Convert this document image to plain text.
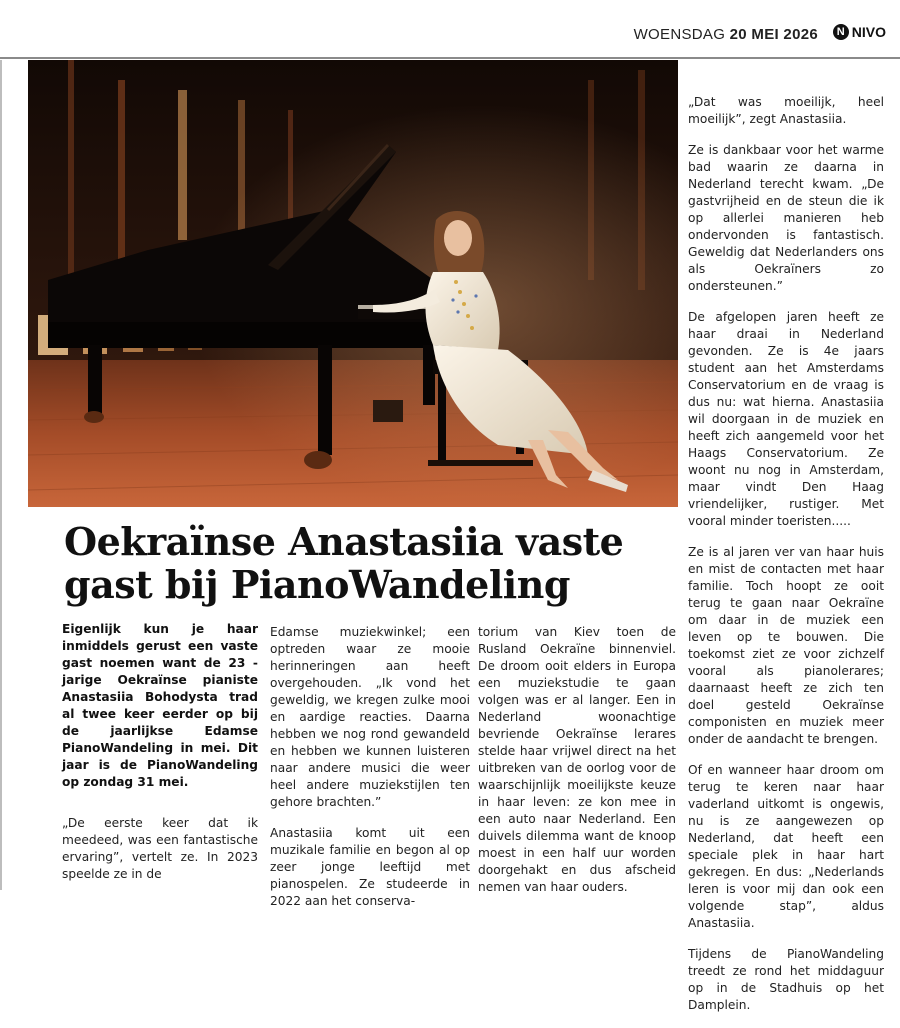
WOENSDAG 20 MEI 2026	N NIVO
Oekraïnse Anastasiia vaste gast bij PianoWandeling

Eigenlijk kun je haar inmiddels gerust een vaste gast noemen want de 23 -jarige Oekraïnse pianiste Anastasiia Bohodysta trad al twee keer eerder op bij de jaarlijkse Edamse PianoWandeling in mei. Dit jaar is de PianoWandeling op zondag 31 mei.

„De eerste keer dat ik meedeed, was een fantastische ervaring”, vertelt ze. In 2023 speelde ze in de

Edamse muziekwinkel; een optreden waar ze mooie herinneringen aan heeft overgehouden. „Ik vond het geweldig, we kregen zulke mooi en aardige reacties. Daarna hebben we nog rond gewandeld en hebben we kunnen luisteren naar andere musici die weer heel andere muziekstijlen ten gehore brachten.”

Anastasiia komt uit een muzikale familie en begon al op zeer jonge leeftijd met pianospelen. Ze studeerde in 2022 aan het conserva-

torium van Kiev toen de Rusland Oekraïne binnenviel. De droom ooit elders in Europa een muziekstudie te gaan volgen was er al langer. Een in Nederland woonachtige bevriende Oekraïnse lerares stelde haar vrijwel direct na het uitbreken van de oorlog voor de waarschijnlijk moeilijkste keuze in haar leven: ze kon mee in een auto naar Nederland. Een duivels dilemma want de knoop moest in een half uur worden doorgehakt en dus afscheid nemen van haar ouders.

„Dat was moeilijk, heel moeilijk”, zegt Anastasiia.

Ze is dankbaar voor het warme bad waarin ze daarna in Nederland terecht kwam. „De gastvrijheid en de steun die ik op allerlei manieren heb ondervonden is fantastisch. Geweldig dat Nederlanders ons als Oekraïners zo ondersteunen.”

De afgelopen jaren heeft ze haar draai in Nederland gevonden. Ze is 4e jaars student aan het Amsterdams Conservatorium en de vraag is dus nu: wat hierna. Anastasiia wil doorgaan in de muziek en heeft zich aangemeld voor het Haags Conservatorium. Ze woont nu nog in Amsterdam, maar vindt Den Haag vriendelijker, rustiger. Met vooral minder toeristen.....

Ze is al jaren ver van haar huis en mist de contacten met haar familie. Toch hoopt ze ooit terug te gaan naar Oekraïne om daar in de muziek een leven op te bouwen. Die toekomst ziet ze voor zichzelf vooral als pianolerares; daarnaast heeft ze zich ten doel gesteld Oekraïnse componisten en muziek meer onder de aandacht te brengen.

Of en wanneer haar droom om terug te keren naar haar vaderland uitkomt is ongewis, nu is ze aangewezen op Nederland, dat heeft een speciale plek in haar hart gekregen. En dus: „Nederlands leren is voor mij dan ook een volgende stap”, aldus Anastasiia.

Tijdens de PianoWandeling treedt ze rond het middaguur op in de Stadhuis op het Damplein.
